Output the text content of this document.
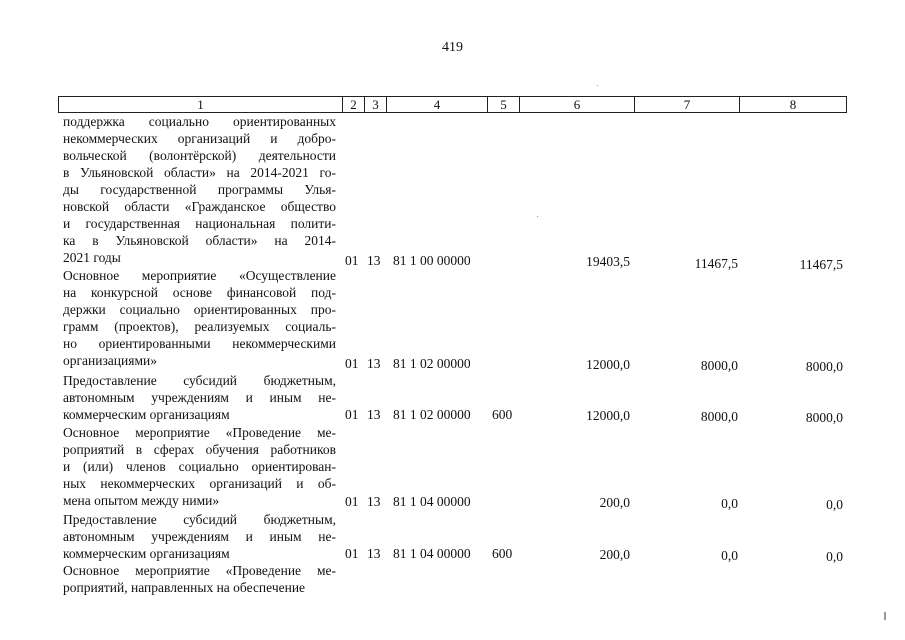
419
1	2	3	4	5	6	7	8
поддержка социально ориентированных
некоммерческих организаций и добро-
вольческой (волонтёрской) деятельности
в Ульяновской области» на 2014-2021 го-
ды государственной программы Улья-
новской области «Гражданское общество
и государственная национальная полити-
ка в Ульяновской области» на 2014-
2021 годы	01 13 81 1 00 00000	19403,5	11467,5	11467,5
Основное мероприятие «Осуществление
на конкурсной основе финансовой под-
держки социально ориентированных про-
грамм (проектов), реализуемых социаль-
но ориентированными некоммерческими
организациями»	01 13 81 1 02 00000	12000,0	8000,0	8000,0
Предоставление субсидий бюджетным,
автономным учреждениям и иным не-
коммерческим организациям	01 13 81 1 02 00000 600	12000,0	8000,0	8000,0
Основное мероприятие «Проведение ме-
роприятий в сферах обучения работников
и (или) членов социально ориентирован-
ных некоммерческих организаций и об-
мена опытом между ними»	01 13 81 1 04 00000	200,0	0,0	0,0
Предоставление субсидий бюджетным,
автономным учреждениям и иным не-
коммерческим организациям	01 13 81 1 04 00000 600	200,0	0,0	0,0
Основное мероприятие «Проведение ме-
роприятий, направленных на обеспечение
